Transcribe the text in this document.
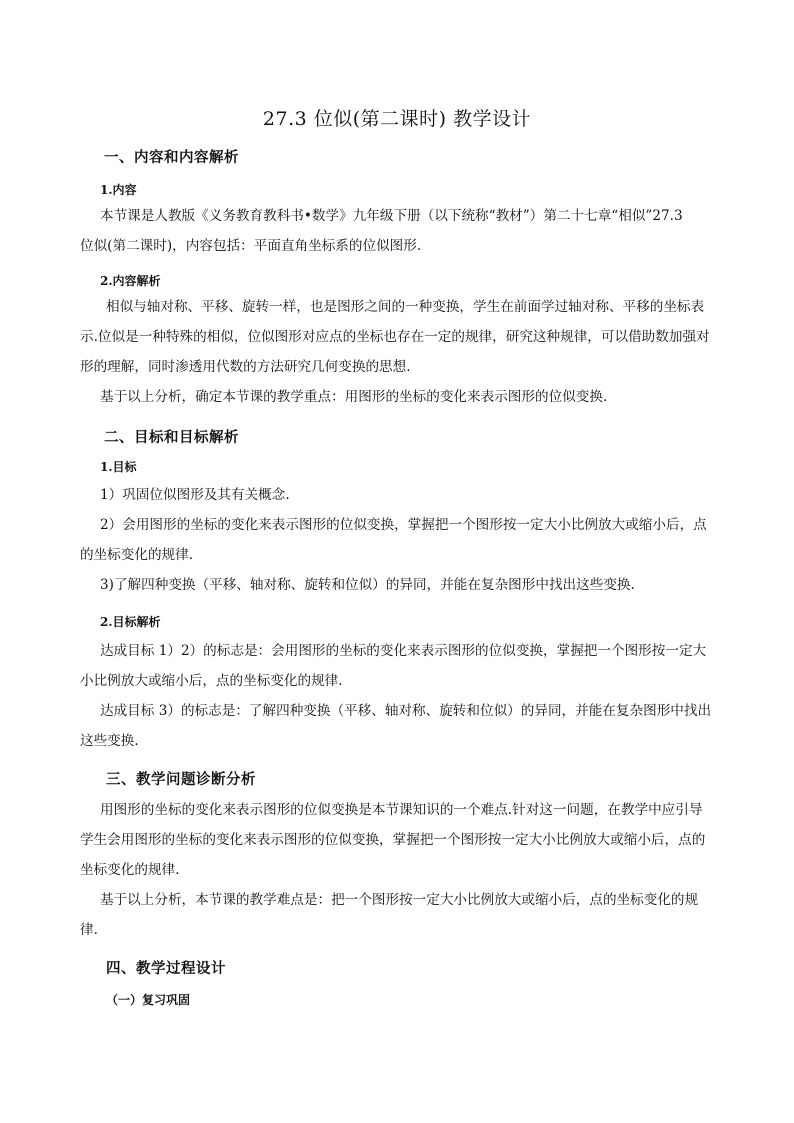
27.3 位似(第二课时) 教学设计
一、内容和内容解析
1.内容
本节课是人教版《义务教育教科书•数学》九年级下册（以下统称“教材”）第二十七章“相似”27.3
位似(第二课时)，内容包括：平面直角坐标系的位似图形.
2.内容解析
相似与轴对称、平移、旋转一样，也是图形之间的一种变换，学生在前面学过轴对称、平移的坐标表
示.位似是一种特殊的相似，位似图形对应点的坐标也存在一定的规律，研究这种规律，可以借助数加强对
形的理解，同时渗透用代数的方法研究几何变换的思想.
基于以上分析，确定本节课的教学重点：用图形的坐标的变化来表示图形的位似变换.
二、目标和目标解析
1.目标
1）巩固位似图形及其有关概念.
2）会用图形的坐标的变化来表示图形的位似变换，掌握把一个图形按一定大小比例放大或缩小后，点
的坐标变化的规律.
3)了解四种变换（平移、轴对称、旋转和位似）的异同，并能在复杂图形中找出这些变换.
2.目标解析
达成目标 1）2）的标志是：会用图形的坐标的变化来表示图形的位似变换，掌握把一个图形按一定大
小比例放大或缩小后，点的坐标变化的规律.
达成目标 3）的标志是：了解四种变换（平移、轴对称、旋转和位似）的异同，并能在复杂图形中找出
这些变换.
三、教学问题诊断分析
用图形的坐标的变化来表示图形的位似变换是本节课知识的一个难点.针对这一问题，在教学中应引导
学生会用图形的坐标的变化来表示图形的位似变换，掌握把一个图形按一定大小比例放大或缩小后，点的
坐标变化的规律.
基于以上分析，本节课的教学难点是：把一个图形按一定大小比例放大或缩小后，点的坐标变化的规
律.
四、教学过程设计
（一）复习巩固
